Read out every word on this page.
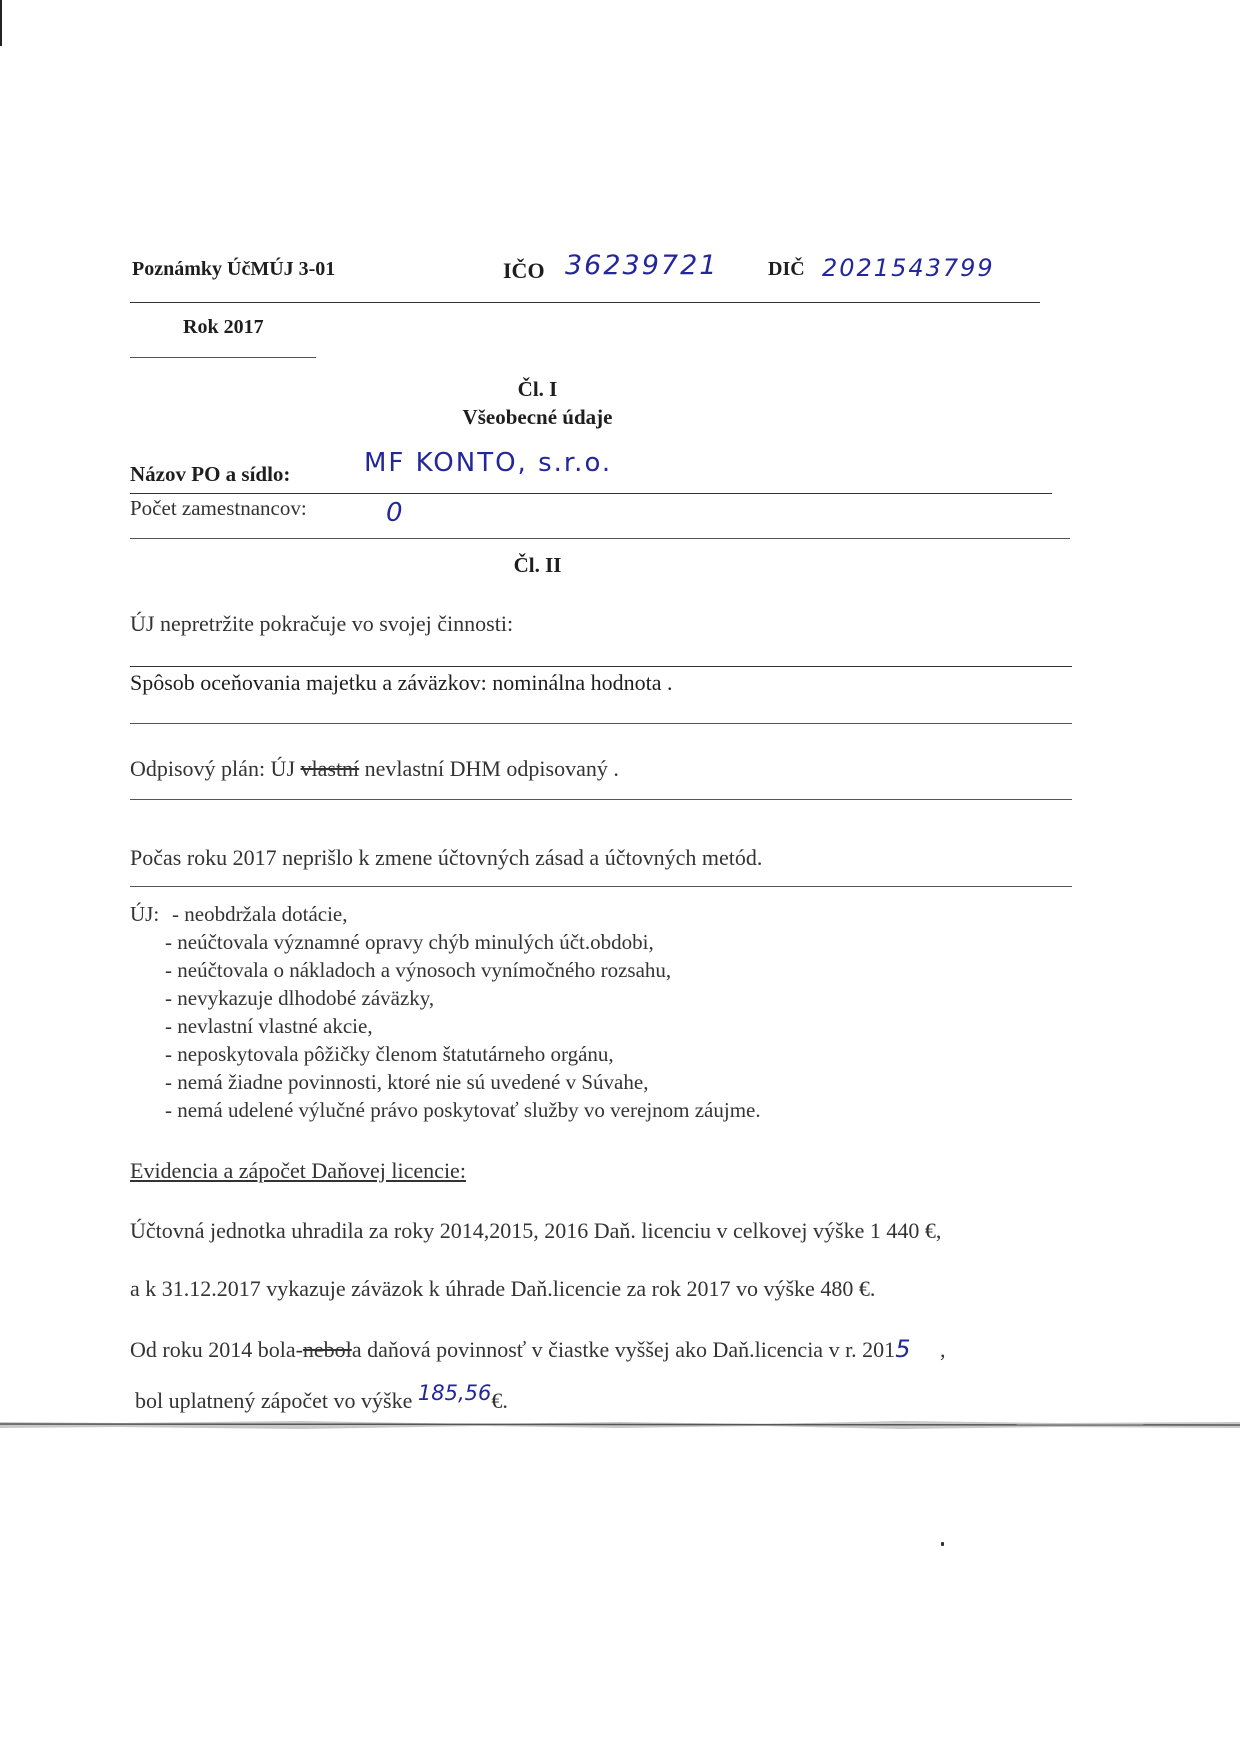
Poznámky ÚčMÚJ 3-01	IČO 36239721 DIČ 2021543799
Rok 2017
Čl. I
Všeobecné údaje
Názov PO a sídlo:	MF KONTO, s.r.o.
Počet zamestnancov:	0
Čl. II
ÚJ nepretržite pokračuje vo svojej činnosti:
Spôsob oceňovania majetku a záväzkov: nominálna hodnota .
Odpisový plán: ÚJ vlastní nevlastní DHM odpisovaný .
Počas roku 2017 neprišlo k zmene účtovných zásad a účtovných metód.
ÚJ: - neobdržala dotácie,
- neúčtovala významné opravy chýb minulých účt.obdobi,
- neúčtovala o nákladoch a výnosoch vynímočného rozsahu,
- nevykazuje dlhodobé záväzky,
- nevlastní vlastné akcie,
- neposkytovala pôžičky členom štatutárneho orgánu,
- nemá žiadne povinnosti, ktoré nie sú uvedené v Súvahe,
- nemá udelené výlučné právo poskytovať služby vo verejnom záujme.
Evidencia a zápočet Daňovej licencie:
Účtovná jednotka uhradila za roky 2014,2015, 2016 Daň. licenciu v celkovej výške 1 440 €,
a k 31.12.2017 vykazuje záväzok k úhrade Daň.licencie za rok 2017 vo výške 480 €.
Od roku 2014 bola-nebola daňová povinnosť v čiastke vyššej ako Daň.licencia v r. 2015 ,
bol uplatnený zápočet vo výške 185,56€.
